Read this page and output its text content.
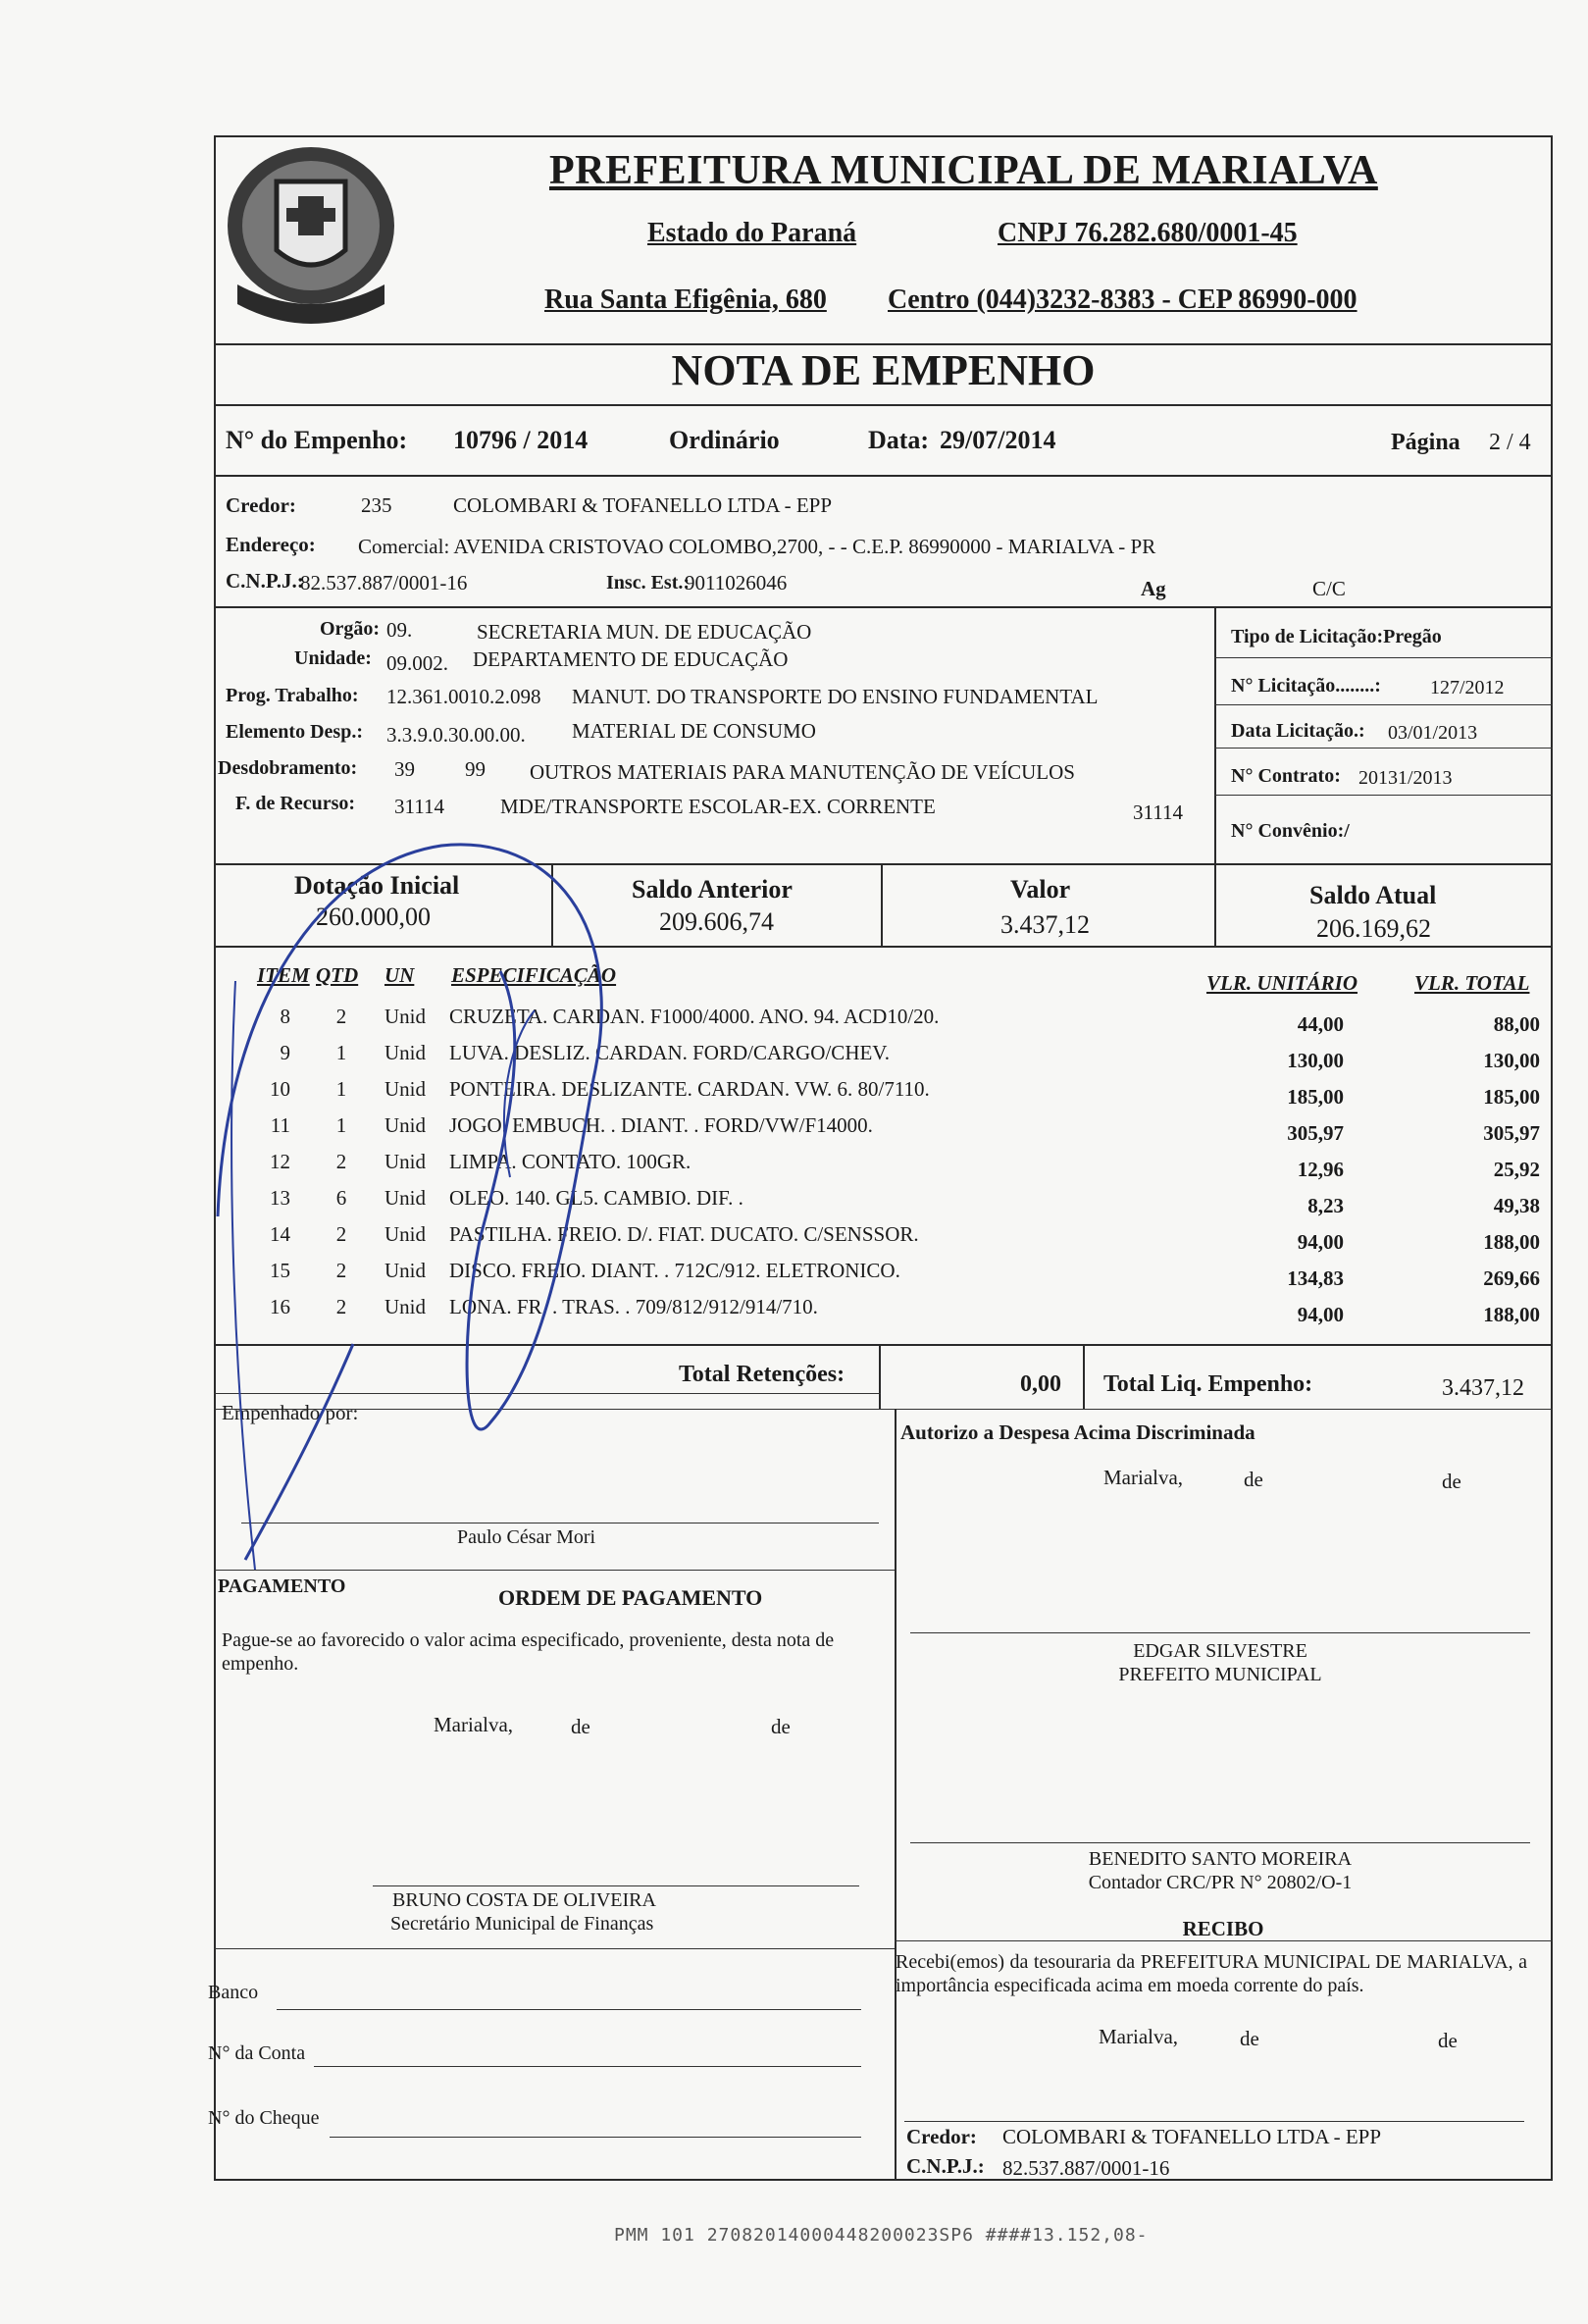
PREFEITURA MUNICIPAL DE MARIALVA
Estado do Paraná	CNPJ 76.282.680/0001-45
Rua Santa Efigênia, 680 Centro (044)3232-8383 - CEP 86990-000
NOTA DE EMPENHO
N° do Empenho: 10796 / 2014	Ordinário	Data: 29/07/2014	Página 2 / 4
Credor:	235	COLOMBARI & TOFANELLO LTDA - EPP
Endereço: Comercial: AVENIDA CRISTOVAO COLOMBO,2700, - - C.E.P. 86990000 - MARIALVA - PR
C.N.P.J.:
82.537.887/0001-16	Insc. Est.:
9011026046	Ag	C/C
Orgão: 09.	SECRETARIA MUN. DE EDUCAÇÃO
Unidade: 09.002. DEPARTAMENTO DE EDUCAÇÃO
Prog. Trabalho: 12.361.0010.2.098 MANUT. DO TRANSPORTE DO ENSINO FUNDAMENTAL
Elemento Desp.: 3.3.9.0.30.00.00. MATERIAL DE CONSUMO
Desdobramento: 39 99 OUTROS MATERIAIS PARA MANUTENÇÃO DE VEÍCULOS
F. de Recurso: 31114	MDE/TRANSPORTE ESCOLAR-EX. CORRENTE	31114
Tipo de Licitação:Pregão
N° Licitação........:	127/2012
Data Licitação.: 03/01/2013
N° Contrato: 20131/2013
N° Convênio:/
Dotação Inicial
260.000,00
Saldo Anterior
209.606,74
Valor
3.437,12
Saldo Atual
206.169,62
ITEM QTD UN ESPECIFICAÇÃO	VLR. UNITÁRIO	VLR. TOTAL
8 2 Unid	CRUZETA. CARDAN. F1000/4000. ANO. 94. ACD10/20.	44,00	88,00
9 1 Unid	LUVA. DESLIZ. CARDAN. FORD/CARGO/CHEV.	130,00	130,00
10 1 Unid	PONTEIRA. DESLIZANTE. CARDAN. VW. 6. 80/7110.	185,00	185,00
11 1 Unid	JOGO. EMBUCH. . DIANT. . FORD/VW/F14000.	305,97	305,97
12 2 Unid	LIMPA. CONTATO. 100GR.	12,96	25,92
13 6 Unid	OLEO. 140. GL5. CAMBIO. DIF. .	8,23	49,38
14 2 Unid	PASTILHA. FREIO. D/. FIAT. DUCATO. C/SENSSOR.	94,00	188,00
15 2 Unid	DISCO. FREIO. DIANT. . 712C/912. ELETRONICO.	134,83	269,66
16 2 Unid	LONA. FR. . TRAS. . 709/812/912/914/710.	94,00	188,00
Total Retenções:	0,00 Total Liq. Empenho:	3.437,12
Empenhado por:
Paulo César Mori
Autorizo a Despesa Acima Discriminada
Marialva,	de	de
EDGAR SILVESTRE
PREFEITO MUNICIPAL
PAGAMENTO	ORDEM DE PAGAMENTO
Pague-se ao favorecido o valor acima especificado, proveniente, desta nota de empenho.
Marialva,	de	de
BENEDITO SANTO MOREIRA
Contador CRC/PR N° 20802/O-1
BRUNO COSTA DE OLIVEIRA
Secretário Municipal de Finanças	RECIBO
Recebi(emos) da tesouraria da PREFEITURA MUNICIPAL DE MARIALVA, a importância especificada acima em moeda corrente do país.
Marialva,	de	de
Banco
N° da Conta
N° do Cheque
Credor: COLOMBARI & TOFANELLO LTDA - EPP
C.N.P.J.: 82.537.887/0001-16
PMM 101 27082014000448200023SP6 ####13.152,08-
